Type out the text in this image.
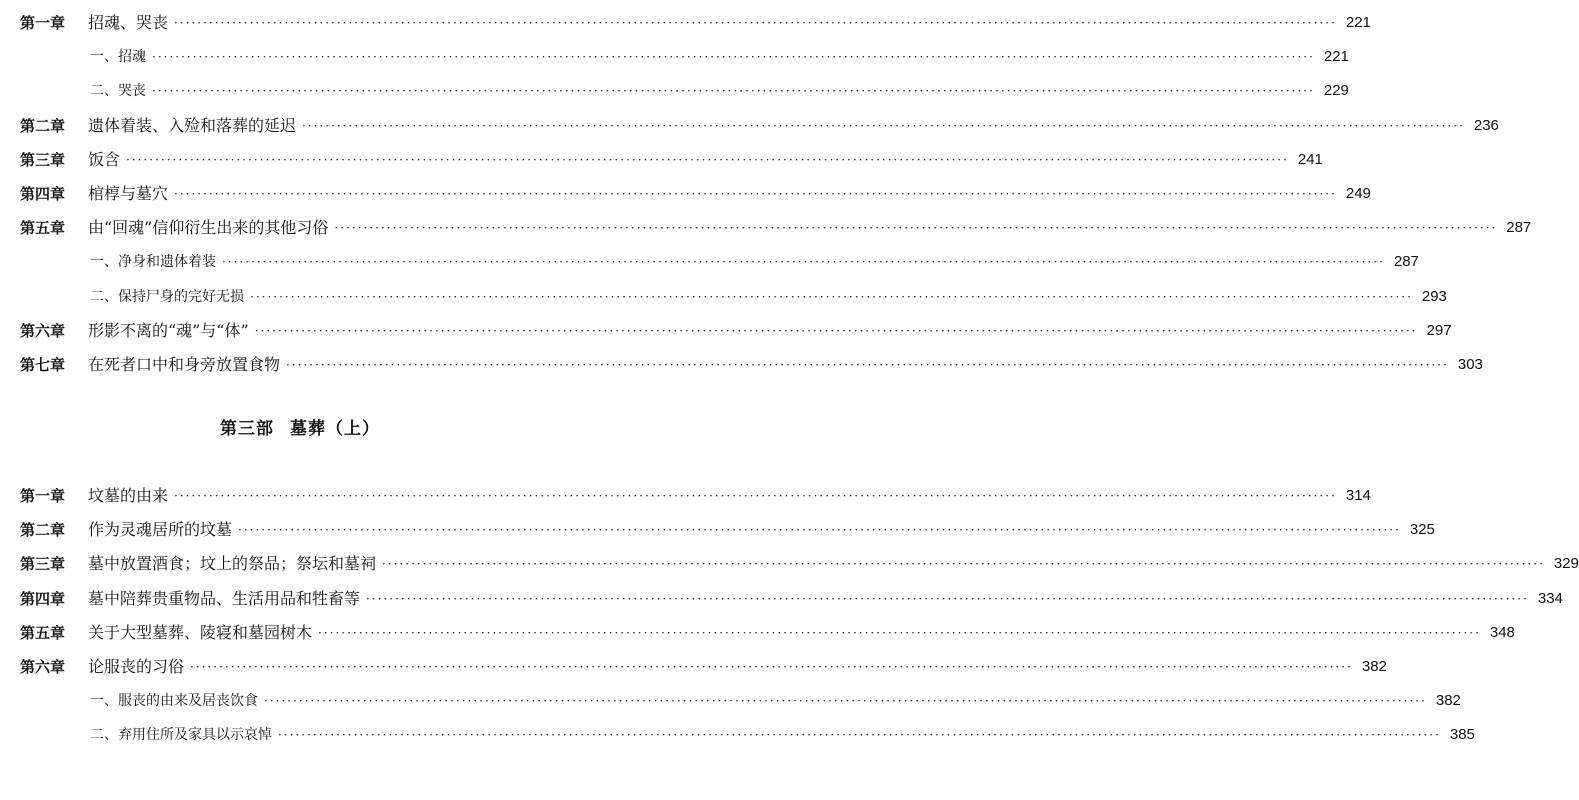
第一章	招魂、哭丧 ········································································································································································································ 221
一、招魂 ········································································································································································································ 221
二、哭丧 ········································································································································································································ 229
第二章	遗体着装、入殓和落葬的延迟 ········································································································································································································ 236
第三章	饭含 ········································································································································································································ 241
第四章	棺椁与墓穴 ········································································································································································································ 249
第五章	由“回魂”信仰衍生出来的其他习俗 ········································································································································································································ 287
一、净身和遗体着装 ········································································································································································································ 287
二、保持尸身的完好无损 ········································································································································································································ 293
第六章	形影不离的“魂”与“体” ········································································································································································································ 297
第七章	在死者口中和身旁放置食物 ········································································································································································································ 303
第一章	坟墓的由来 ········································································································································································································ 314
第二章	作为灵魂居所的坟墓 ········································································································································································································ 325
第三章	墓中放置酒食；坟上的祭品；祭坛和墓祠 ········································································································································································································ 329
第四章	墓中陪葬贵重物品、生活用品和牲畜等 ········································································································································································································ 334
第五章	关于大型墓葬、陵寝和墓园树木 ········································································································································································································ 348
第六章	论服丧的习俗 ········································································································································································································ 382
一、服丧的由来及居丧饮食 ········································································································································································································ 382
二、弃用住所及家具以示哀悼 ········································································································································································································ 385
第三部 墓葬（上）
